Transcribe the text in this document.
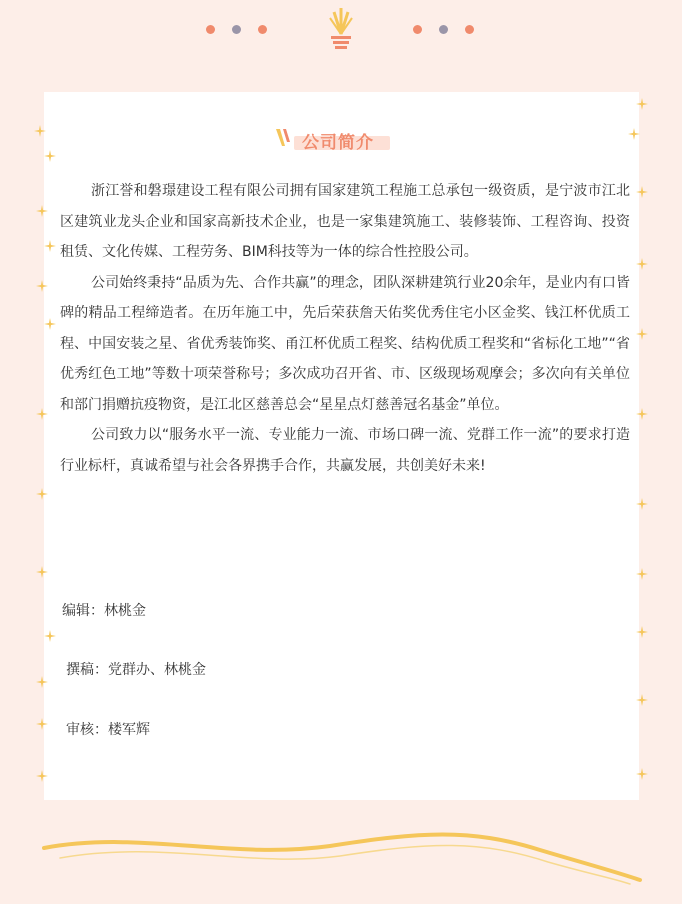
公司简介

浙江誉和磐璟建设工程有限公司拥有国家建筑工程施工总承包一级资质，是宁波市江北区建筑业龙头企业和国家高新技术企业，也是一家集建筑施工、装修装饰、工程咨询、投资租赁、文化传媒、工程劳务、BIM科技等为一体的综合性控股公司。

公司始终秉持“品质为先、合作共赢”的理念，团队深耕建筑行业20余年，是业内有口皆碑的精品工程缔造者。在历年施工中，先后荣获詹天佑奖优秀住宅小区金奖、钱江杯优质工程、中国安装之星、省优秀装饰奖、甬江杯优质工程奖、结构优质工程奖和“省标化工地”“省优秀红色工地”等数十项荣誉称号；多次成功召开省、市、区级现场观摩会；多次向有关单位和部门捐赠抗疫物资，是江北区慈善总会“星星点灯慈善冠名基金”单位。

公司致力以“服务水平一流、专业能力一流、市场口碑一流、党群工作一流”的要求打造行业标杆，真诚希望与社会各界携手合作，共赢发展，共创美好未来!

编辑：林桃金
撰稿：党群办、林桃金
审核：楼军辉
